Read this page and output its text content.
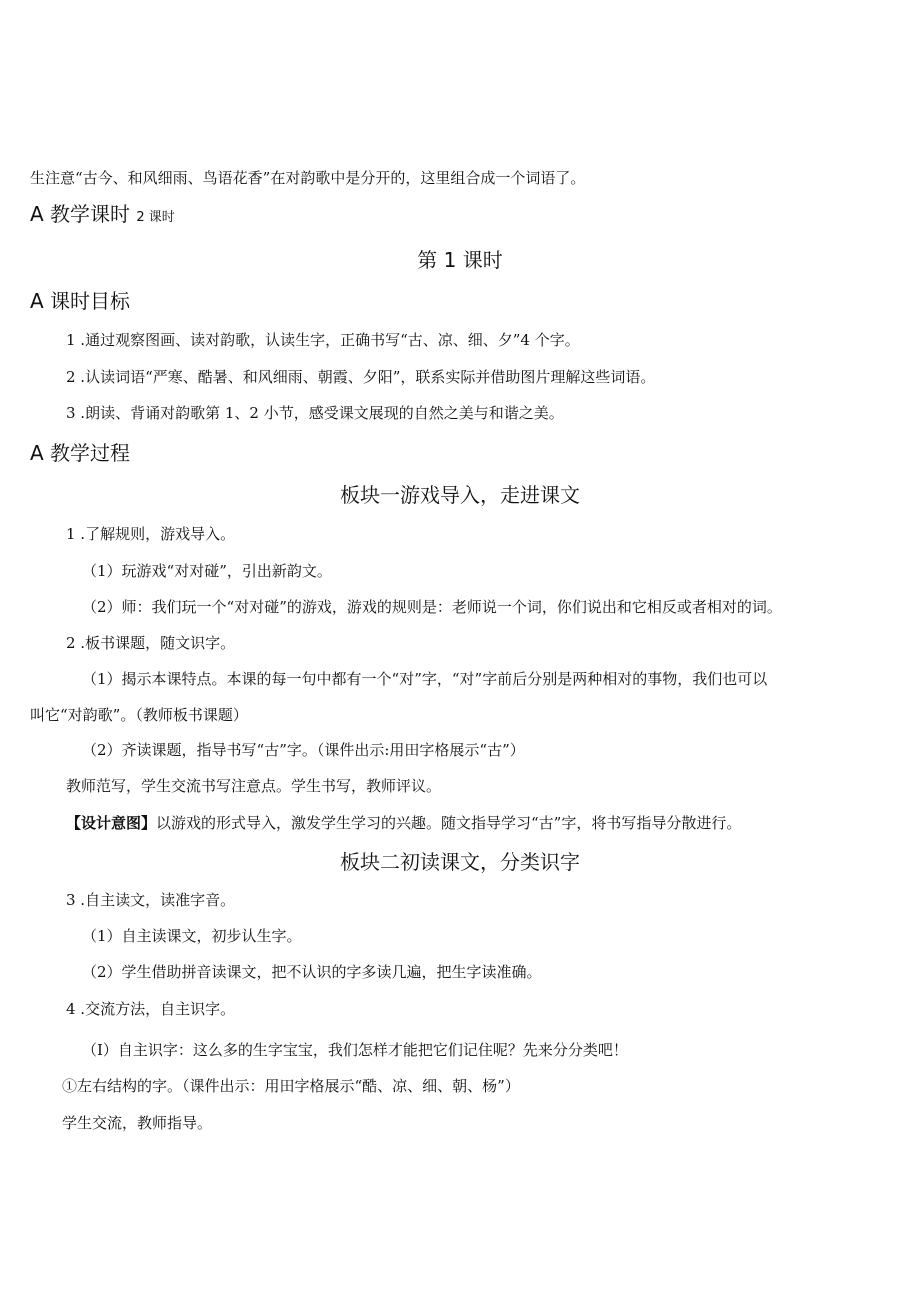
生注意“古今、和风细雨、鸟语花香”在对韵歌中是分开的，这里组合成一个词语了。
A 教学课时 2 课时
第 1 课时
A 课时目标
1 .通过观察图画、读对韵歌，认读生字，正确书写“古、凉、细、夕”4 个字。
2 .认读词语“严寒、酷暑、和风细雨、朝霞、夕阳”，联系实际并借助图片理解这些词语。
3 .朗读、背诵对韵歌第 1、2 小节，感受课文展现的自然之美与和谐之美。
A 教学过程
板块一游戏导入，走进课文
1 .了解规则，游戏导入。
（1）玩游戏“对对碰”，引出新韵文。
（2）师：我们玩一个“对对碰”的游戏，游戏的规则是：老师说一个词，你们说出和它相反或者相对的词。
2 .板书课题，随文识字。
（1）揭示本课特点。本课的每一句中都有一个“对”字，“对”字前后分别是两种相对的事物，我们也可以
叫它“对韵歌”。（教师板书课题）
（2）齐读课题，指导书写“古”字。（课件出示:用田字格展示“古”）
教师范写，学生交流书写注意点。学生书写，教师评议。
【设计意图】以游戏的形式导入，激发学生学习的兴趣。随文指导学习“古”字，将书写指导分散进行。
板块二初读课文，分类识字
3 .自主读文，读准字音。
（1）自主读课文，初步认生字。
（2）学生借助拼音读课文，把不认识的字多读几遍，把生字读准确。
4 .交流方法，自主识字。
（I）自主识字：这么多的生字宝宝，我们怎样才能把它们记住呢？先来分分类吧！
①左右结构的字。（课件出示：用田字格展示“酷、凉、细、朝、杨”）
学生交流，教师指导。
